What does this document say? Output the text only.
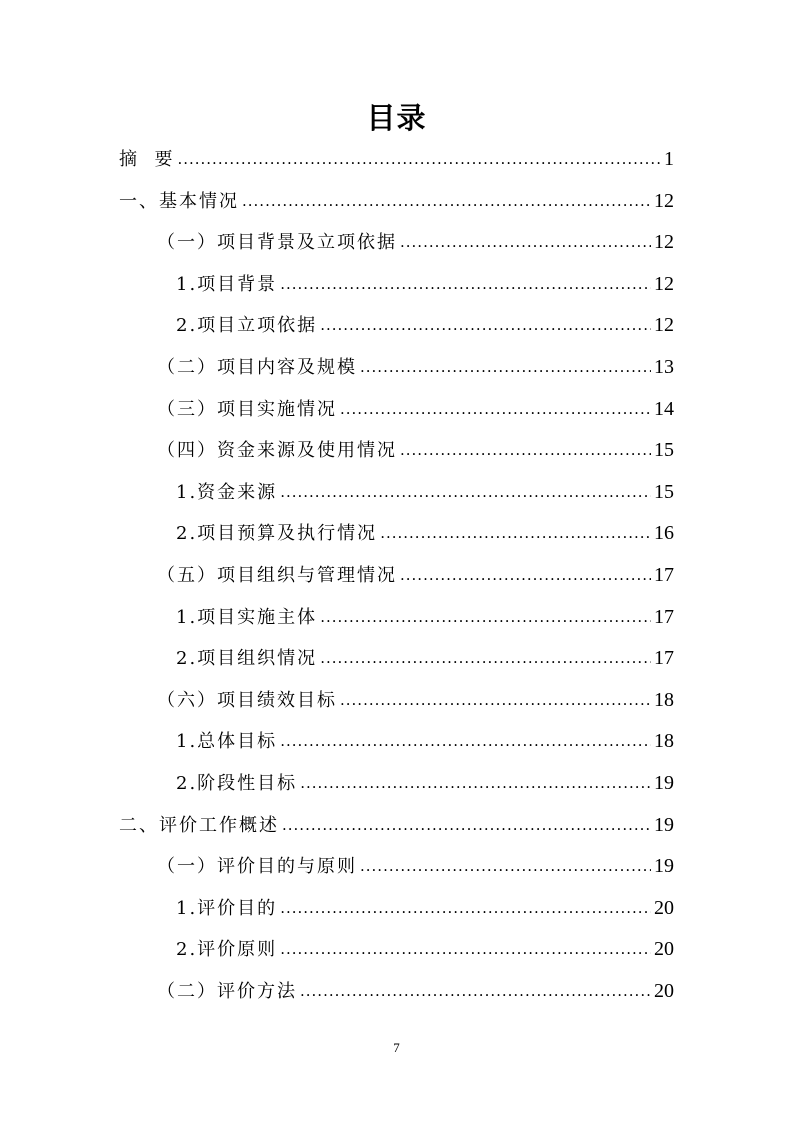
目录
摘  要 .....	1
一、基本情况 .....	12
（一）项目背景及立项依据 .....	12
1.项目背景 .....	12
2.项目立项依据 .....	12
（二）项目内容及规模 .....	13
（三）项目实施情况 .....	14
（四）资金来源及使用情况 .....	15
1.资金来源 .....	15
2.项目预算及执行情况 .....	16
（五）项目组织与管理情况 .....	17
1.项目实施主体 .....	17
2.项目组织情况 .....	17
（六）项目绩效目标 .....	18
1.总体目标 .....	18
2.阶段性目标 .....	19
二、评价工作概述 .....	19
（一）评价目的与原则 .....	19
1.评价目的 .....	20
2.评价原则 .....	20
（二）评价方法 .....	20
7
